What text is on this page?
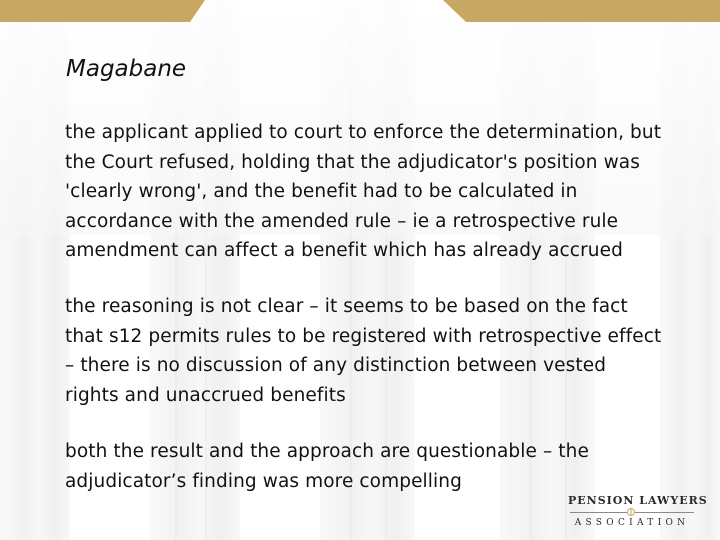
Magabane

the applicant applied to court to enforce the determination, but the Court refused, holding that the adjudicator's position was 'clearly wrong', and the benefit had to be calculated in accordance with the amended rule – ie a retrospective rule amendment can affect a benefit which has already accrued

the reasoning is not clear – it seems to be based on the fact that s12 permits rules to be registered with retrospective effect – there is no discussion of any distinction between vested rights and unaccrued benefits

both the result and the approach are questionable – the adjudicator’s finding was more compelling

PENSION LAWYERS
ASSOCIATION
